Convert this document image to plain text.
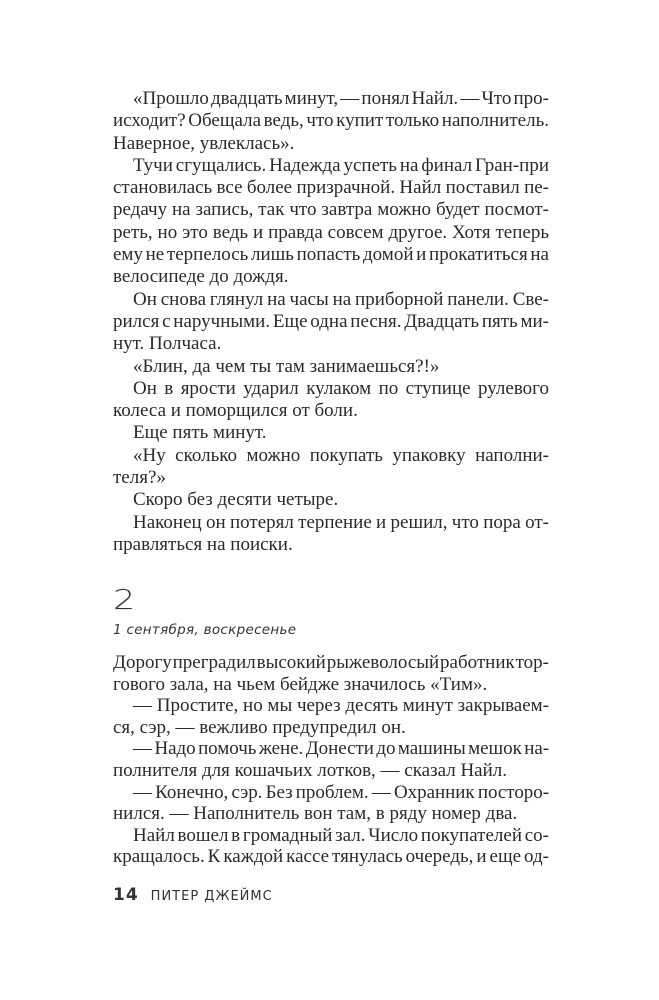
«Прошло двадцать минут, — понял Найл. — Что про-
исходит? Обещала ведь, что купит только наполнитель.
Наверное, увлеклась».
Тучи сгущались. Надежда успеть на финал Гран-при
становилась все более призрачной. Найл поставил пе-
редачу на запись, так что завтра можно будет посмот-
реть, но это ведь и правда совсем другое. Хотя теперь
ему не терпелось лишь попасть домой и прокатиться на
велосипеде до дождя.
Он снова глянул на часы на приборной панели. Све-
рился с наручными. Еще одна песня. Двадцать пять ми-
нут. Полчаса.
«Блин, да чем ты там занимаешься?!»
Он в ярости ударил кулаком по ступице рулевого
колеса и поморщился от боли.
Еще пять минут.
«Ну сколько можно покупать упаковку наполни-
теля?»
Скоро без десяти четыре.
Наконец он потерял терпение и решил, что пора от-
правляться на поиски.
2
1 сентября, воскресенье
Дорогу преградил высокий рыжеволосый работник тор-
гового зала, на чьем бейдже значилось «Тим».
— Простите, но мы через десять минут закрываем-
ся, сэр, — вежливо предупредил он.
— Надо помочь жене. Донести до машины мешок на-
полнителя для кошачьих лотков, — сказал Найл.
— Конечно, сэр. Без проблем. — Охранник посторо-
нился. — Наполнитель вон там, в ряду номер два.
Найл вошел в громадный зал. Число покупателей со-
кращалось. К каждой кассе тянулась очередь, и еще од-
14 ПИТЕР ДЖЕЙМС
